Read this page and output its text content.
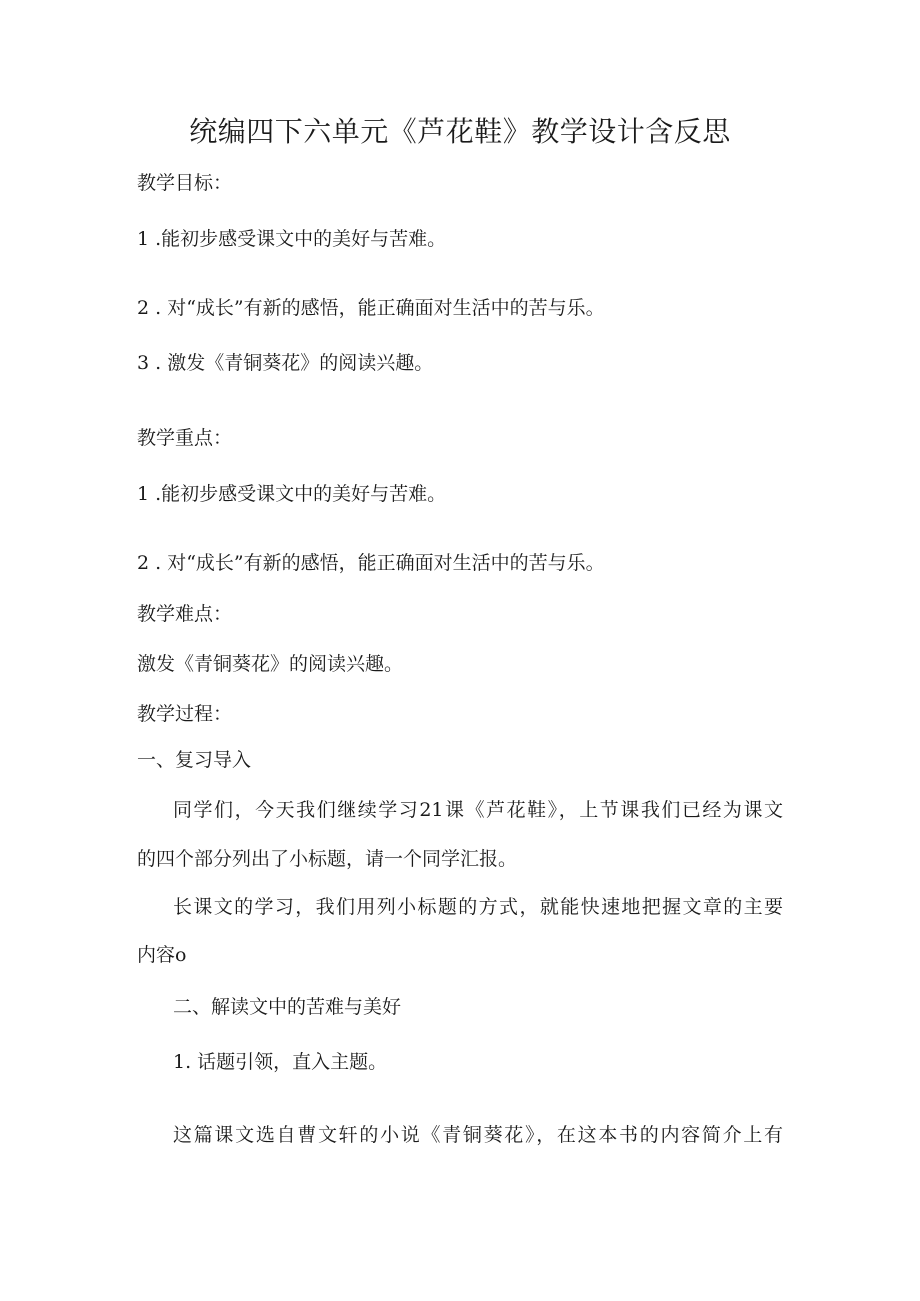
统编四下六单元《芦花鞋》教学设计含反思
教学目标：
1 .能初步感受课文中的美好与苦难。
2 . 对“成长”有新的感悟，能正确面对生活中的苦与乐。
3 . 激发《青铜葵花》的阅读兴趣。
教学重点：
1 .能初步感受课文中的美好与苦难。
2 . 对“成长”有新的感悟，能正确面对生活中的苦与乐。
教学难点：
激发《青铜葵花》的阅读兴趣。
教学过程：
一、复习导入
同学们，今天我们继续学习21课《芦花鞋》，上节课我们已经为课文
的四个部分列出了小标题，请一个同学汇报。
长课文的学习，我们用列小标题的方式，就能快速地把握文章的主要
内容o
二、解读文中的苦难与美好
1. 话题引领，直入主题。
这篇课文选自曹文轩的小说《青铜葵花》，在这本书的内容简介上有
